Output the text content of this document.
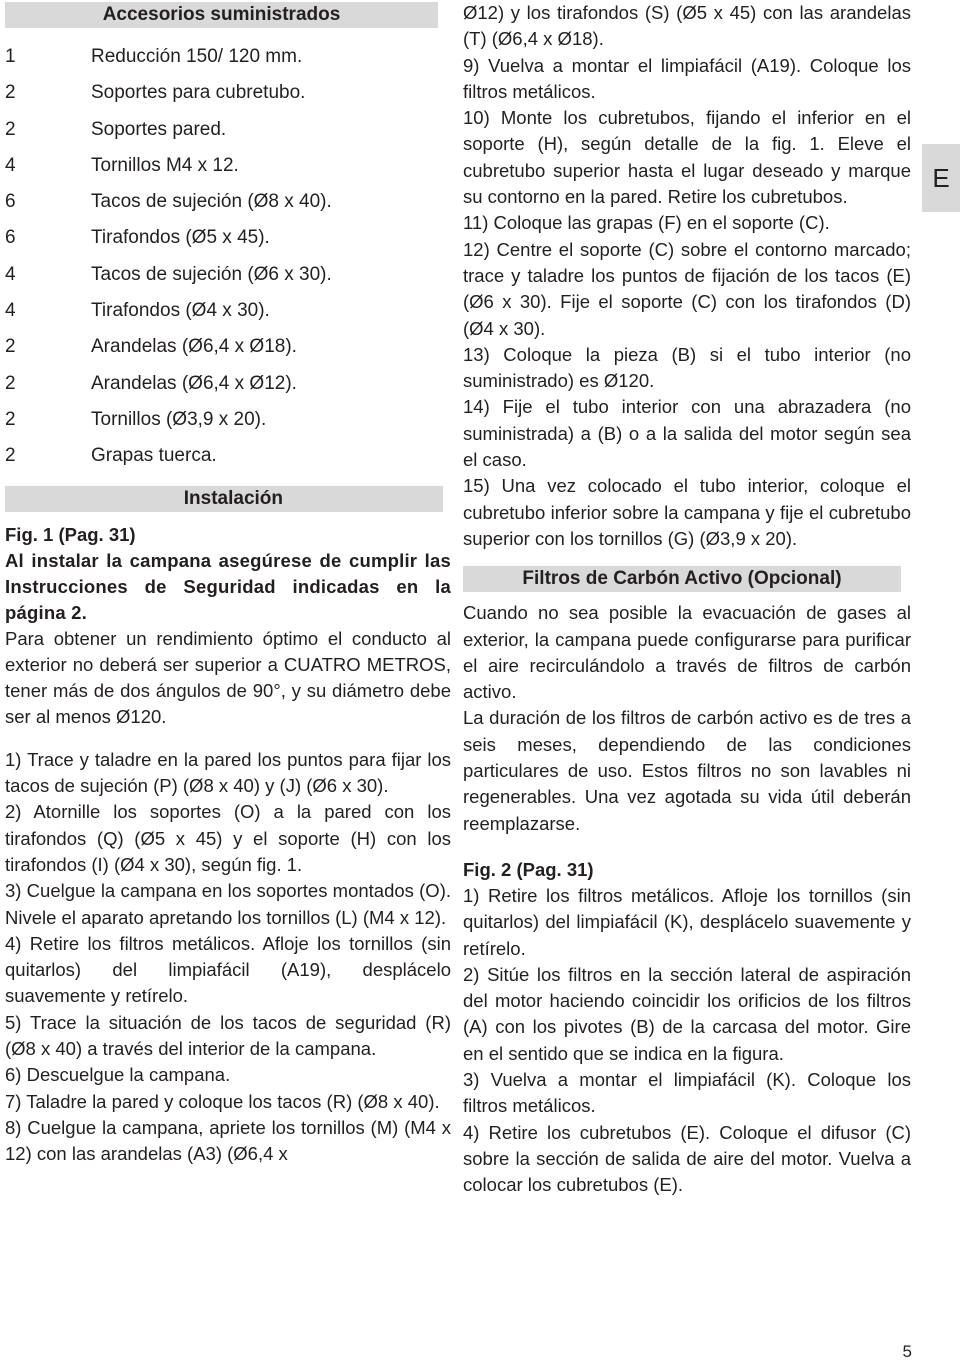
Accesorios suministrados
1	Reducción 150/ 120 mm.
2	Soportes para cubretubo.
2	Soportes pared.
4	Tornillos M4 x 12.
6	Tacos de sujeción (Ø8 x 40).
6	Tirafondos (Ø5 x 45).
4	Tacos de sujeción (Ø6 x 30).
4	Tirafondos (Ø4 x 30).
2	Arandelas (Ø6,4 x Ø18).
2	Arandelas (Ø6,4 x Ø12).
2	Tornillos (Ø3,9 x 20).
2	Grapas tuerca.
Instalación
Fig. 1 (Pag. 31)
Al instalar la campana asegúrese de cumplir las Instrucciones de Seguridad indicadas en la página 2.

Para obtener un rendimiento óptimo el conducto al exterior no deberá ser superior a CUATRO METROS, tener más de dos ángulos de 90°, y su diámetro debe ser al menos Ø120.

1) Trace y taladre en la pared los puntos para fijar los tacos de sujeción (P) (Ø8 x 40) y (J) (Ø6 x 30).

2) Atornille los soportes (O) a la pared con los tirafondos (Q) (Ø5 x 45) y el soporte (H) con los tirafondos (I) (Ø4 x 30), según fig. 1.

3) Cuelgue la campana en los soportes montados (O). Nivele el aparato apretando los tornillos (L) (M4 x 12).

4) Retire los filtros metálicos. Afloje los tornillos (sin quitarlos) del limpiafácil (A19), desplácelo suavemente y retírelo.

5) Trace la situación de los tacos de seguridad (R) (Ø8 x 40) a través del interior de la campana.

6) Descuelgue la campana.

7) Taladre la pared y coloque los tacos (R) (Ø8 x 40).

8) Cuelgue la campana, apriete los tornillos (M) (M4 x 12) con las arandelas (A3) (Ø6,4 x

Ø12) y los tirafondos (S) (Ø5 x 45) con las arandelas (T) (Ø6,4 x Ø18).

9) Vuelva a montar el limpiafácil (A19). Coloque los filtros metálicos.

10) Monte los cubretubos, fijando el inferior en el soporte (H), según detalle de la fig. 1. Eleve el cubretubo superior hasta el lugar deseado y marque su contorno en la pared. Retire los cubretubos.

11) Coloque las grapas (F) en el soporte (C).

12) Centre el soporte (C) sobre el contorno marcado; trace y taladre los puntos de fijación de los tacos (E) (Ø6 x 30). Fije el soporte (C) con los tirafondos (D) (Ø4 x 30).

13) Coloque la pieza (B) si el tubo interior (no suministrado) es Ø120.

14) Fije el tubo interior con una abrazadera (no suministrada) a (B) o a la salida del motor según sea el caso.

15) Una vez colocado el tubo interior, coloque el cubretubo inferior sobre la campana y fije el cubretubo superior con los tornillos (G) (Ø3,9 x 20).

Filtros de Carbón Activo (Opcional)

Cuando no sea posible la evacuación de gases al exterior, la campana puede configurarse para purificar el aire recirculándolo a través de filtros de carbón activo.

La duración de los filtros de carbón activo es de tres a seis meses, dependiendo de las condiciones particulares de uso. Estos filtros no son lavables ni regenerables. Una vez agotada su vida útil deberán reemplazarse.

Fig. 2 (Pag. 31)

1) Retire los filtros metálicos. Afloje los tornillos (sin quitarlos) del limpiafácil (K), desplácelo suavemente y retírelo.

2) Sitúe los filtros en la sección lateral de aspiración del motor haciendo coincidir los orificios de los filtros (A) con los pivotes (B) de la carcasa del motor. Gire en el sentido que se indica en la figura.

3) Vuelva a montar el limpiafácil (K). Coloque los filtros metálicos.

4) Retire los cubretubos (E). Coloque el difusor (C) sobre la sección de salida de aire del motor. Vuelva a colocar los cubretubos (E).

E
5
